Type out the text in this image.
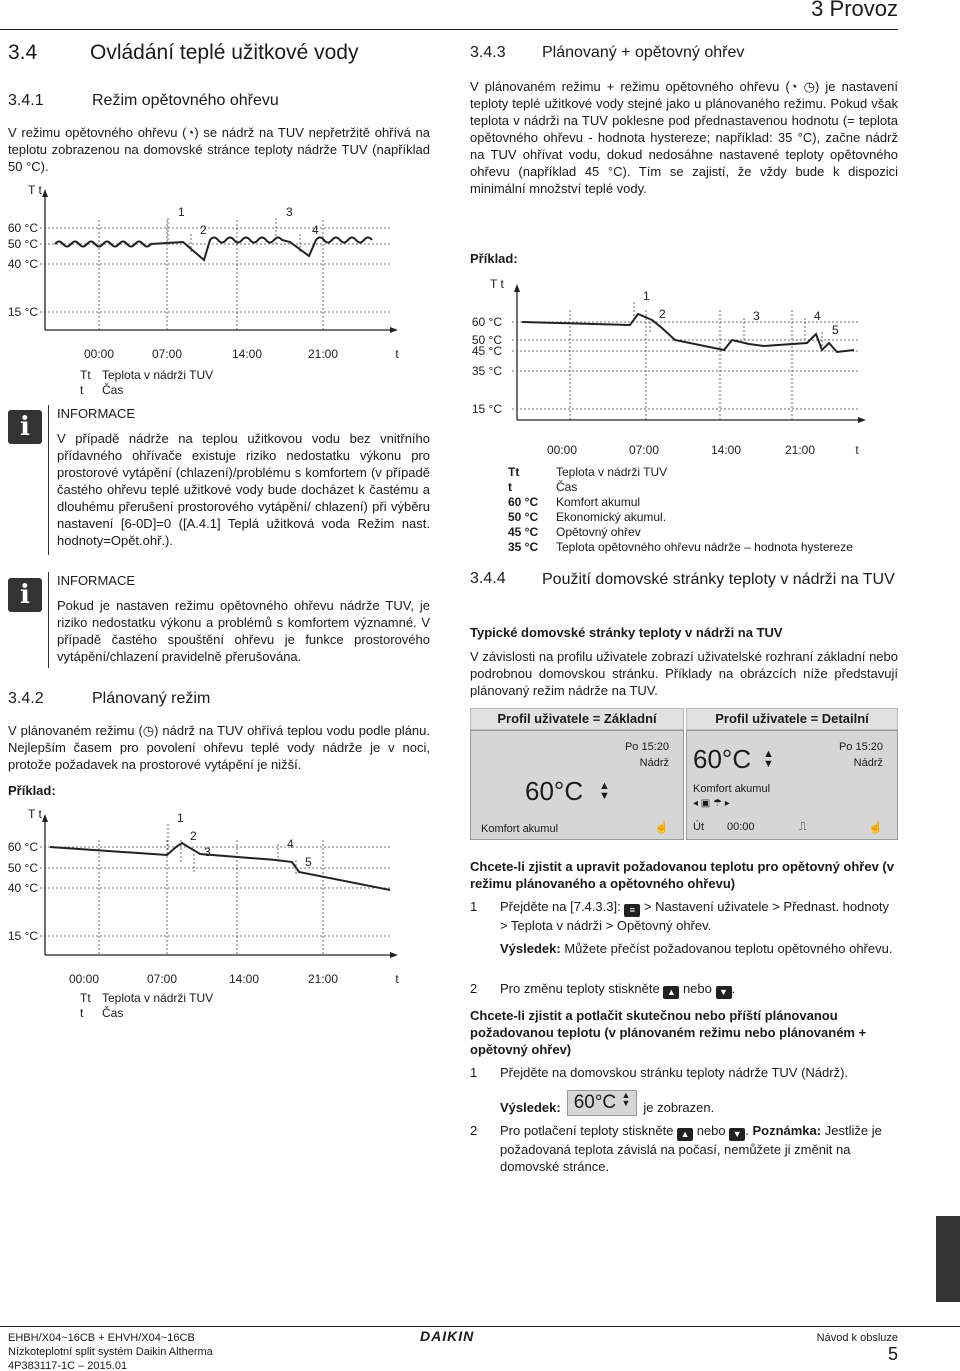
3 Provoz
3.4	Ovládání teplé užitkové vody
3.4.1	Režim opětovného ohřevu

V režimu opětovného ohřevu (◔) se nádrž na TUV nepřetržitě ohřívá na teplotu zobrazenou na domovské stránce teploty nádrže TUV (například 50 °C).

T t
60 °C
50 °C
40 °C
15 °C
1
2
3
4
00:00	07:00	14:00	21:00	t
Tt Teplota v nádrži TUV
t Čas
i	INFORMACE

V případě nádrže na teplou užitkovou vodu bez vnitřního přídavného ohřívače existuje riziko nedostatku výkonu pro prostorové vytápění (chlazení)/problému s komfortem (v případě častého ohřevu teplé užitkové vody bude docházet k častému a dlouhému přerušení prostorového vytápění/ chlazení) při výběru nastavení [6-0D]=0 ([A.4.1] Teplá užitková voda Režim nast. hodnoty=Opět.ohř.).

i	INFORMACE

Pokud je nastaven režimu opětovného ohřevu nádrže TUV, je riziko nedostatku výkonu a problémů s komfortem významné. V případě častého spouštění ohřevu je funkce prostorového vytápění/chlazení pravidelně přerušována.

3.4.2	Plánovaný režim

V plánovaném režimu (◷) nádrž na TUV ohřívá teplou vodu podle plánu. Nejlepším časem pro povolení ohřevu teplé vody nádrže je v noci, protože požadavek na prostorové vytápění je nižší.

Příklad:
T t
60 °C
50 °C
40 °C
15 °C
1
2
3
4
5
00:00	07:00	14:00	21:00	t
Tt Teplota v nádrži TUV
t Čas
3.4.3 Plánovaný + opětovný ohřev

V plánovaném režimu + režimu opětovného ohřevu (◔ ◷) je nastavení teploty teplé užitkové vody stejné jako u plánovaného režimu. Pokud však teplota v nádrži na TUV poklesne pod přednastavenou hodnotu (= teplota opětovného ohřevu - hodnota hystereze; například: 35 °C), začne nádrž na TUV ohřívat vodu, dokud nedosáhne nastavené teploty opětovného ohřevu (například 45 °C). Tím se zajistí, že vždy bude k dispozici minimální množství teplé vody.

Příklad:
T t
60 °C
50 °C
45 °C
35 °C
15 °C
1
2	3	4
5
00:00	07:00	14:00	21:00	t
Tt	Teplota v nádrži TUV
t	Čas
60 °C Komfort akumul
50 °C Ekonomický akumul.
45 °C Opětovný ohřev
35 °C Teplota opětovného ohřevu nádrže – hodnota hystereze
3.4.4	Použití domovské stránky teploty v nádrži na TUV
Typické domovské stránky teploty v nádrži na TUV

V závislosti na profilu uživatele zobrazí uživatelské rozhraní základní nebo podrobnou domovskou stránku. Příklady na obrázcích níže představují plánovaný režim nádrže na TUV.

Profil uživatele = Základní
Po 15:20
Nádrž
60°C ▲
▼
Komfort akumul	☝
Profil uživatele = Detailní
Po 15:20
Nádrž
60°C ▲
▼
Komfort akumul
◂ ▣ ☂ ▸
Út 00:00	⎍	☝
Chcete-li zjistit a upravit požadovanou teplotu pro opětovný ohřev (v režimu plánovaného a opětovného ohřevu)
1	Přejděte na [7.4.3.3]: ≡ > Nastavení uživatele > Přednast. hodnoty > Teplota v nádrži > Opětovný ohřev.
Výsledek: Můžete přečíst požadovanou teplotu opětovného ohřevu.
2 Pro změnu teploty stiskněte ▲ nebo ▼ .
Chcete-li zjistit a potlačit skutečnou nebo příští plánovanou požadovanou teplotu (v plánovaném režimu nebo plánovaném + opětovný ohřev)
1 Přejděte na domovskou stránku teploty nádrže TUV (Nádrž).
Výsledek: 60°C ▲
▼	je zobrazen.
2	Pro potlačení teploty stiskněte ▲ nebo ▼ . Poznámka: Jestliže je požadovaná teplota závislá na počasí, nemůžete ji změnit na domovské stránce.
EHBH/X04~16CB + EHVH/X04~16CB
Nízkoteplotní split systém Daikin Altherma
4P383117-1C – 2015.01
DAIKIN	Návod k obsluze
5
